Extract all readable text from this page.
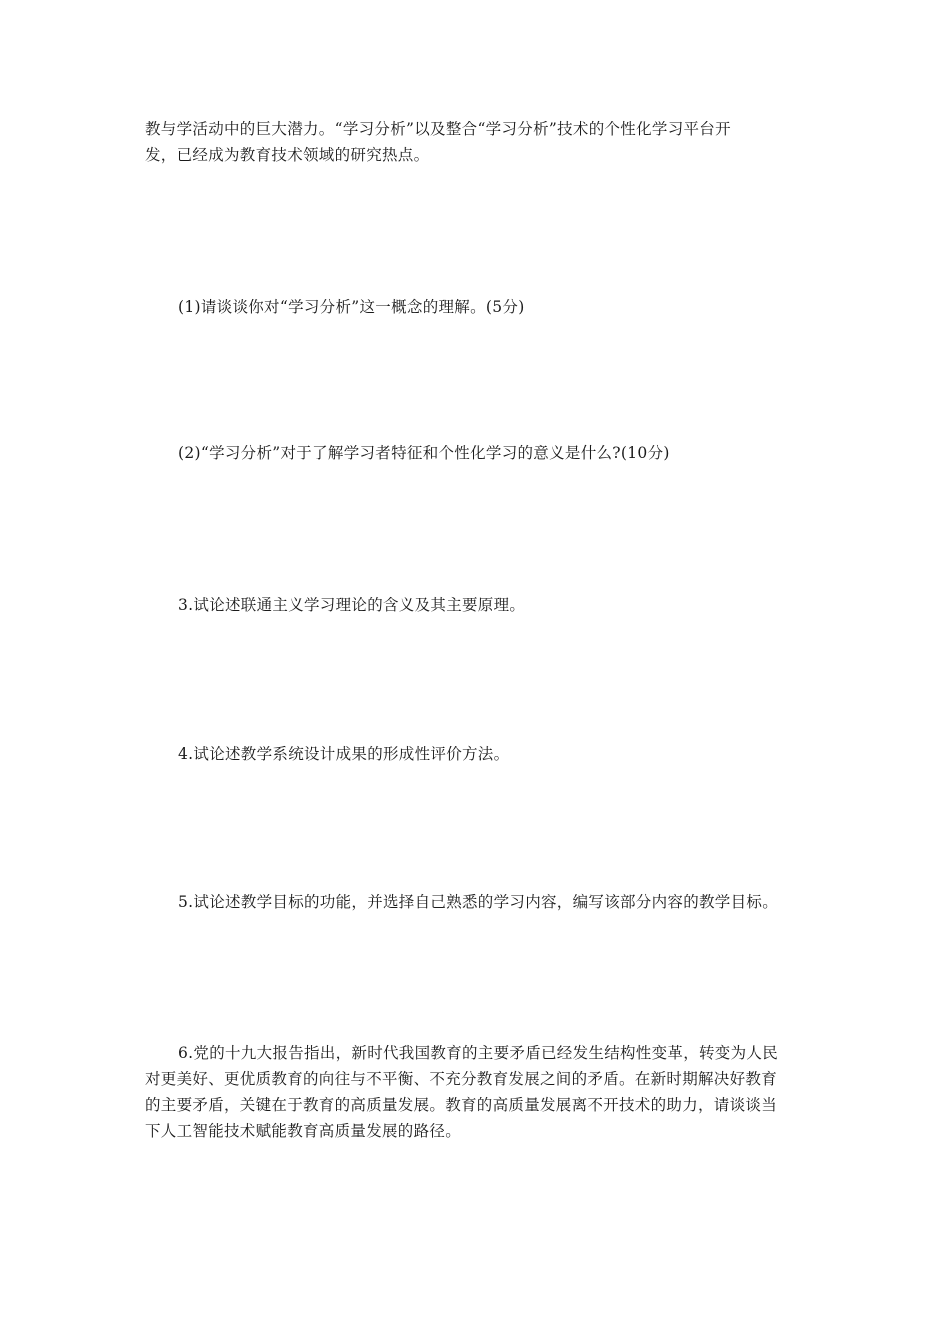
教与学活动中的巨大潜力。“学习分析”以及整合“学习分析”技术的个性化学习平台开
发，已经成为教育技术领域的研究热点。
(1)请谈谈你对“学习分析”这一概念的理解。(5分)
(2)“学习分析”对于了解学习者特征和个性化学习的意义是什么?(10分)
3.试论述联通主义学习理论的含义及其主要原理。
4.试论述教学系统设计成果的形成性评价方法。
5.试论述教学目标的功能，并选择自己熟悉的学习内容，编写该部分内容的教学目标。
6.党的十九大报告指出，新时代我国教育的主要矛盾已经发生结构性变革，转变为人民
对更美好、更优质教育的向往与不平衡、不充分教育发展之间的矛盾。在新时期解决好教育
的主要矛盾，关键在于教育的高质量发展。教育的高质量发展离不开技术的助力，请谈谈当
下人工智能技术赋能教育高质量发展的路径。
